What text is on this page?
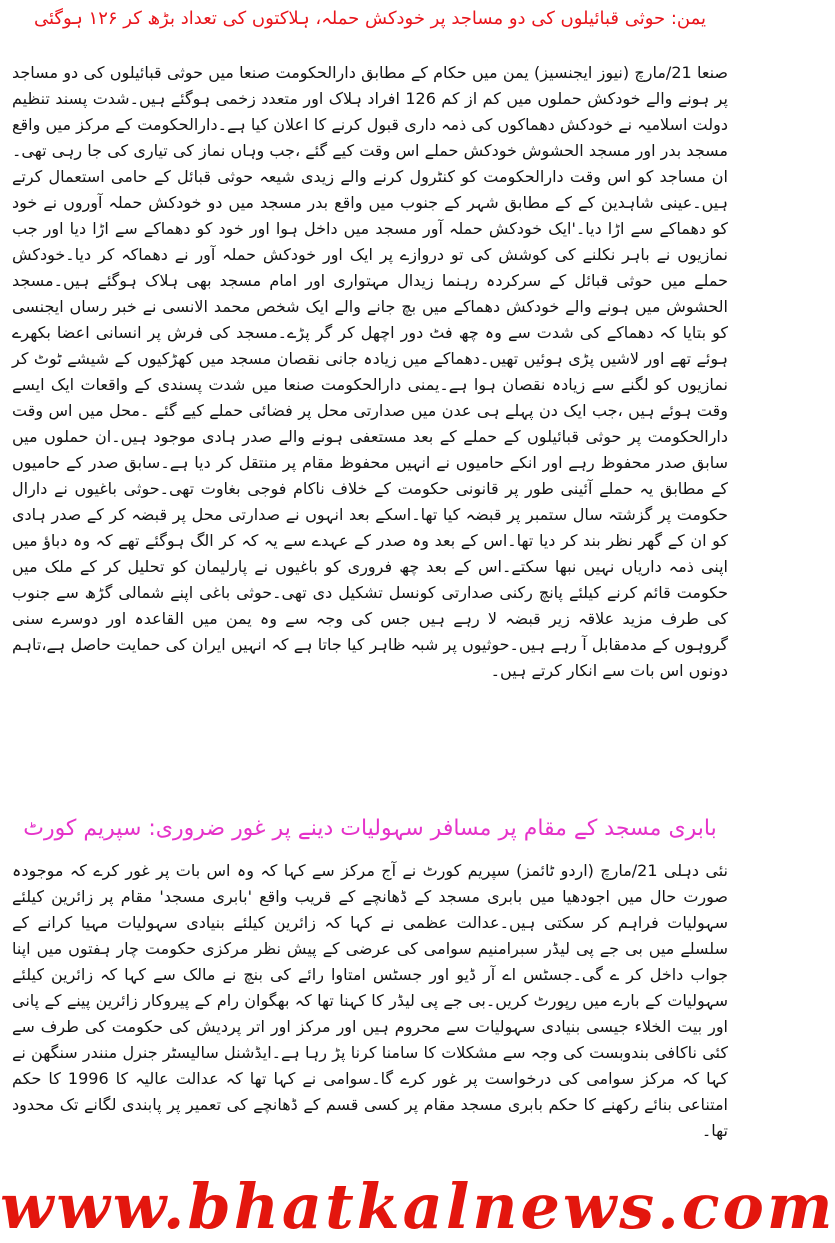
یمن: حوثی قبائیلوں کی دو مساجد پر خودکش حملہ، ہلاکتوں کی تعداد بڑھ کر ۱۲۶ ہوگئی
صنعا 21/مارچ (نیوز ایجنسیز) یمن میں حکام کے مطابق دارالحکومت صنعا میں حوثی قبائیلوں کی دو مساجد پر ہونے والے خودکش حملوں میں کم از کم 126 افراد ہلاک اور متعدد زخمی ہوگئے ہیں۔شدت پسند تنظیم دولت اسلامیہ نے خودکش دھماکوں کی ذمہ داری قبول کرنے کا اعلان کیا ہے۔دارالحکومت کے مرکز میں واقع مسجد بدر اور مسجد الحشوش خودکش حملے اس وقت کیے گئے ،جب وہاں نماز کی تیاری کی جا رہی تھی۔ان مساجد کو اس وقت دارالحکومت کو کنٹرول کرنے والے زیدی شیعہ حوثی قبائل کے حامی استعمال کرتے ہیں۔عینی شاہدین کے کے مطابق شہر کے جنوب میں واقع بدر مسجد میں دو خودکش حملہ آوروں نے خود کو دھماکے سے اڑا دیا۔'ایک خودکش حملہ آور مسجد میں داخل ہوا اور خود کو دھماکے سے اڑا دیا اور جب نمازیوں نے باہر نکلنے کی کوشش کی تو دروازے پر ایک اور خودکش حملہ آور نے دھماکہ کر دیا۔خودکش حملے میں حوثی قبائل کے سرکردہ رہنما زیدال مہتواری اور امام مسجد بھی ہلاک ہوگئے ہیں۔مسجد الحشوش میں ہونے والے خودکش دھماکے میں بچ جانے والے ایک شخص محمد الانسی نے خبر رساں ایجنسی کو بتایا کہ دھماکے کی شدت سے وہ چھ فٹ دور اچھل کر گر پڑے۔مسجد کی فرش پر انسانی اعضا بکھرے ہوئے تھے اور لاشیں پڑی ہوئیں تھیں۔دھماکے میں زیادہ جانی نقصان مسجد میں کھڑکیوں کے شیشے ٹوٹ کر نمازیوں کو لگنے سے زیادہ نقصان ہوا ہے۔یمنی دارالحکومت صنعا میں شدت پسندی کے واقعات ایک ایسے وقت ہوئے ہیں ،جب ایک دن پہلے ہی عدن میں صدارتی محل پر فضائی حملے کیے گئے ۔محل میں اس وقت دارالحکومت پر حوثی قبائیلوں کے حملے کے بعد مستعفی ہونے والے صدر ہادی موجود ہیں۔ان حملوں میں سابق صدر محفوظ رہے اور انکے حامیوں نے انہیں محفوظ مقام پر منتقل کر دیا ہے۔سابق صدر کے حامیوں کے مطابق یہ حملے آئینی طور پر قانونی حکومت کے خلاف ناکام فوجی بغاوت تھی۔حوثی باغیوں نے دارال حکومت پر گزشتہ سال ستمبر پر قبضہ کیا تھا۔اسکے بعد انہوں نے صدارتی محل پر قبضہ کر کے صدر ہادی کو ان کے گھر نظر بند کر دیا تھا۔اس کے بعد وہ صدر کے عہدے سے یہ کہ کر الگ ہوگئے تھے کہ وہ دباؤ میں اپنی ذمہ داریاں نہیں نبھا سکتے۔اس کے بعد چھ فروری کو باغیوں نے پارلیمان کو تحلیل کر کے ملک میں حکومت قائم کرنے کیلئے پانچ رکنی صدارتی کونسل تشکیل دی تھی۔حوثی باغی اپنے شمالی گڑھ سے جنوب کی طرف مزید علاقہ زیر قبضہ لا رہے ہیں جس کی وجہ سے وہ یمن میں القاعدہ اور دوسرے سنی گروہوں کے مدمقابل آ رہے ہیں۔حوثیوں پر شبہ ظاہر کیا جاتا ہے کہ انہیں ایران کی حمایت حاصل ہے،تاہم دونوں اس بات سے انکار کرتے ہیں۔
بابری مسجد کے مقام پر مسافر سہولیات دینے پر غور ضروری: سپریم کورٹ
نئی دہلی 21/مارچ (اردو ٹائمز) سپریم کورٹ نے آج مرکز سے کہا کہ وہ اس بات پر غور کرے کہ موجودہ صورت حال میں اجودھیا میں بابری مسجد کے ڈھانچے کے قریب واقع 'بابری مسجد' مقام پر زائرین کیلئے سہولیات فراہم کر سکتی ہیں۔عدالت عظمی نے کہا کہ زائرین کیلئے بنیادی سہولیات مہیا کرانے کے سلسلے میں بی جے پی لیڈر سبرامنیم سوامی کی عرضی کے پیش نظر مرکزی حکومت چار ہفتوں میں اپنا جواب داخل کر ے گی۔جسٹس اے آر ڈیو اور جسٹس امتاوا رائے کی بنچ نے مالک سے کہا کہ زائرین کیلئے سہولیات کے بارے میں رپورٹ کریں۔بی جے پی لیڈر کا کہنا تھا کہ بھگوان رام کے پیروکار زائرین پینے کے پانی اور بیت الخلاء جیسی بنیادی سہولیات سے محروم ہیں اور مرکز اور اتر پردیش کی حکومت کی طرف سے کئی ناکافی بندوبست کی وجہ سے مشکلات کا سامنا کرنا پڑ رہا ہے۔ایڈشنل سالیسٹر جنرل منندر سنگھن نے کہا کہ مرکز سوامی کی درخواست پر غور کرے گا۔سوامی نے کہا تھا کہ عدالت عالیہ کا 1996 کا حکم امتناعی بنائے رکھنے کا حکم بابری مسجد مقام پر کسی قسم کے ڈھانچے کی تعمیر پر پابندی لگانے تک محدود تھا۔
www.bhatkalnews.com
